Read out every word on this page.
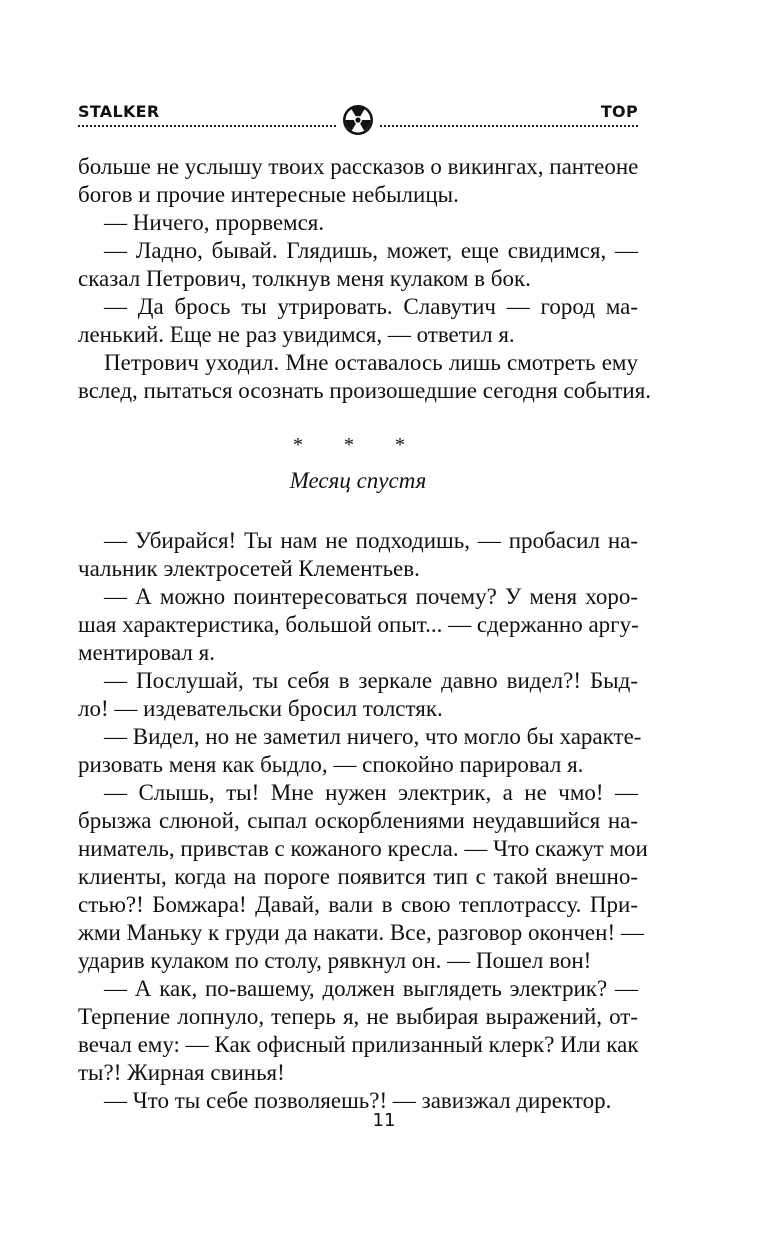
STALKER	ТОР
больше не услышу твоих рассказов о викингах, пантеоне
богов и прочие интересные небылицы.
— Ничего, прорвемся.
— Ладно, бывай. Глядишь, может, еще свидимся, —
сказал Петрович, толкнув меня кулаком в бок.
— Да брось ты утрировать. Славутич — город ма-
ленький. Еще не раз увидимся, — ответил я.
Петрович уходил. Мне оставалось лишь смотреть ему
вслед, пытаться осознать произошедшие сегодня события.
* * *
Месяц спустя
— Убирайся! Ты нам не подходишь, — пробасил на-
чальник электросетей Клементьев.
— А можно поинтересоваться почему? У меня хоро-
шая характеристика, большой опыт... — сдержанно аргу-
ментировал я.
— Послушай, ты себя в зеркале давно видел?! Быд-
ло! — издевательски бросил толстяк.
— Видел, но не заметил ничего, что могло бы характе-
ризовать меня как быдло, — спокойно парировал я.
— Слышь, ты! Мне нужен электрик, а не чмо! —
брызжа слюной, сыпал оскорблениями неудавшийся на-
ниматель, привстав с кожаного кресла. — Что скажут мои
клиенты, когда на пороге появится тип с такой внешно-
стью?! Бомжара! Давай, вали в свою теплотрассу. При-
жми Маньку к груди да накати. Все, разговор окончен! —
ударив кулаком по столу, рявкнул он. — Пошел вон!
— А как, по-вашему, должен выглядеть электрик? —
Терпение лопнуло, теперь я, не выбирая выражений, от-
вечал ему: — Как офисный прилизанный клерк? Или как
ты?! Жирная свинья!
— Что ты себе позволяешь?! — завизжал директор.
11
